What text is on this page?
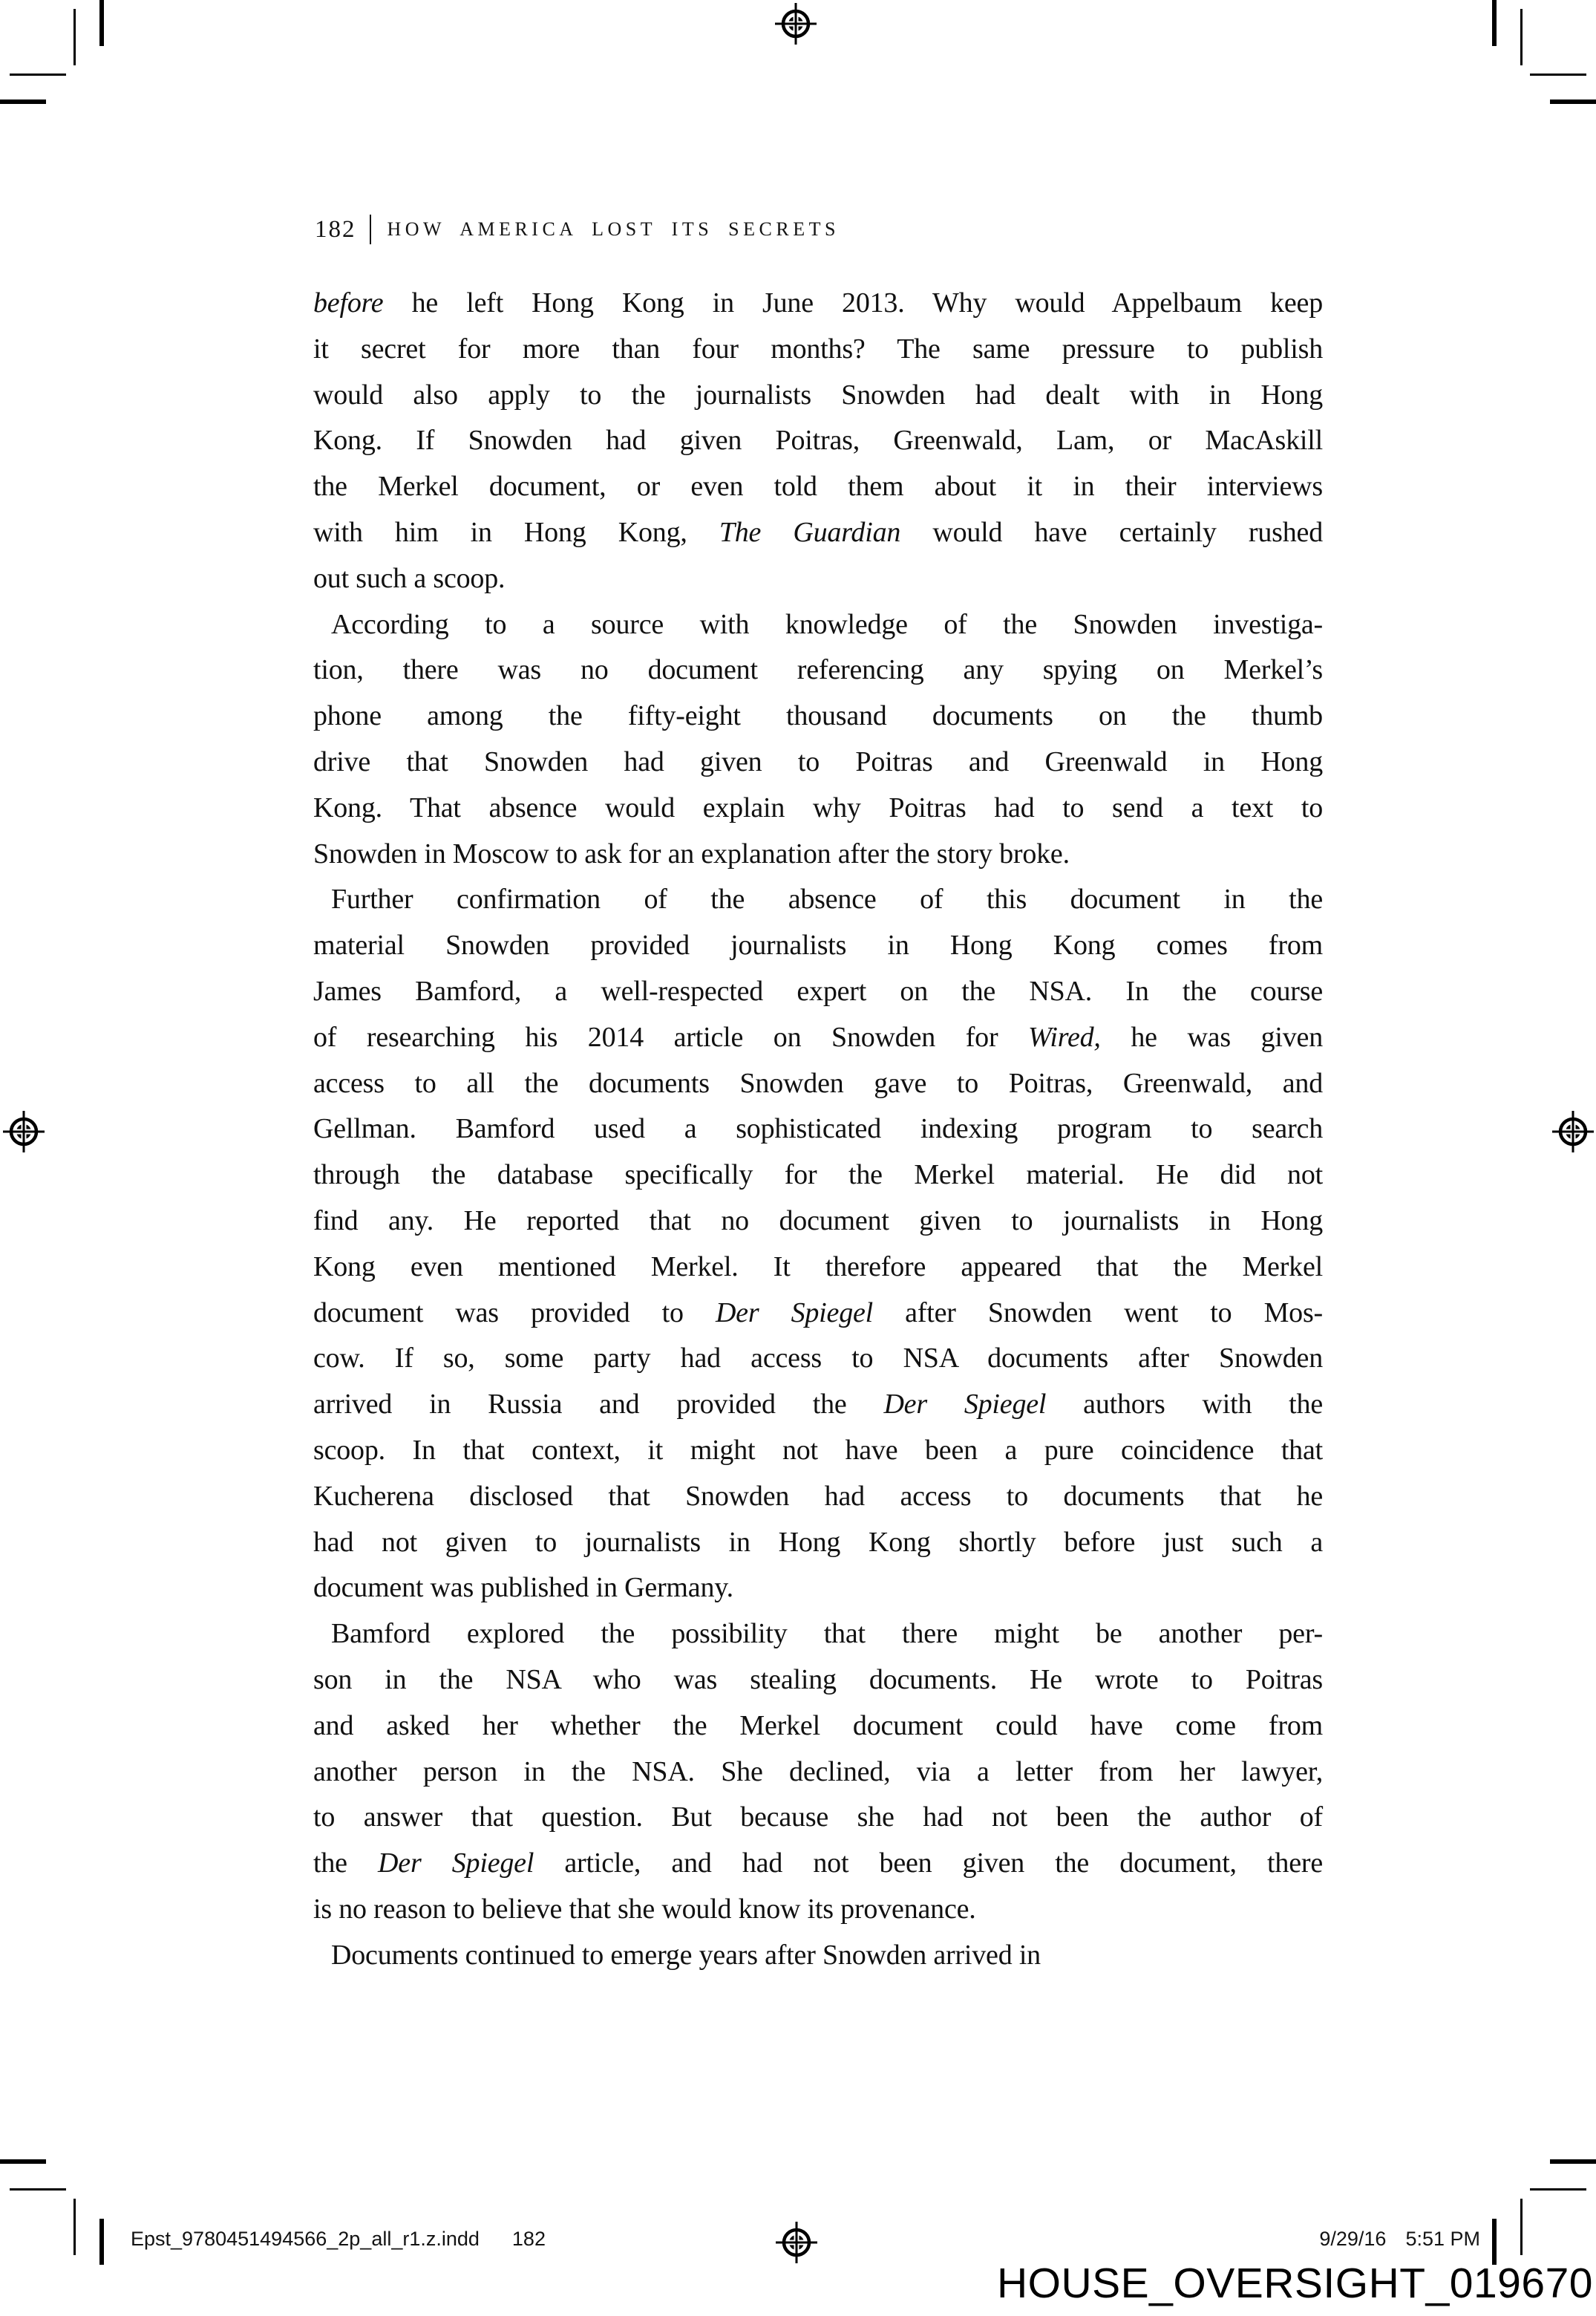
182 HOW AMERICA LOST ITS SECRETS
before he left Hong Kong in June 2013. Why would Appelbaum keep
it secret for more than four months? The same pressure to publish
would also apply to the journalists Snowden had dealt with in Hong
Kong. If Snowden had given Poitras, Greenwald, Lam, or MacAskill
the Merkel document, or even told them about it in their interviews
with him in Hong Kong, The Guardian would have certainly rushed
out such a scoop.
According to a source with knowledge of the Snowden investiga-
tion, there was no document referencing any spying on Merkel’s
phone among the fifty-eight thousand documents on the thumb
drive that Snowden had given to Poitras and Greenwald in Hong
Kong. That absence would explain why Poitras had to send a text to
Snowden in Moscow to ask for an explanation after the story broke.
Further confirmation of the absence of this document in the
material Snowden provided journalists in Hong Kong comes from
James Bamford, a well-respected expert on the NSA. In the course
of researching his 2014 article on Snowden for Wired, he was given
access to all the documents Snowden gave to Poitras, Greenwald, and
Gellman. Bamford used a sophisticated indexing program to search
through the database specifically for the Merkel material. He did not
find any. He reported that no document given to journalists in Hong
Kong even mentioned Merkel. It therefore appeared that the Merkel
document was provided to Der Spiegel after Snowden went to Mos-
cow. If so, some party had access to NSA documents after Snowden
arrived in Russia and provided the Der Spiegel authors with the
scoop. In that context, it might not have been a pure coincidence that
Kucherena disclosed that Snowden had access to documents that he
had not given to journalists in Hong Kong shortly before just such a
document was published in Germany.
Bamford explored the possibility that there might be another per-
son in the NSA who was stealing documents. He wrote to Poitras
and asked her whether the Merkel document could have come from
another person in the NSA. She declined, via a letter from her lawyer,
to answer that question. But because she had not been the author of
the Der Spiegel article, and had not been given the document, there
is no reason to believe that she would know its provenance.
Documents continued to emerge years after Snowden arrived in
Epst_9780451494566_2p_all_r1.z.indd 182	9/29/16 5:51 PM
HOUSE_OVERSIGHT_019670
